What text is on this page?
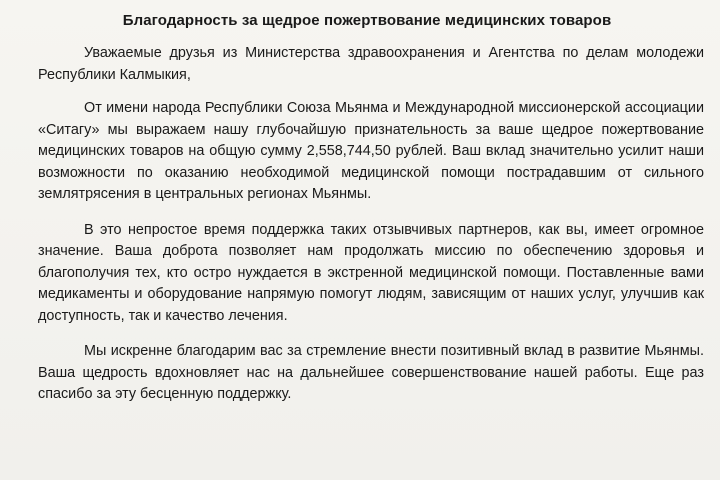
Благодарность за щедрое пожертвование медицинских товаров

Уважаемые друзья из Министерства здравоохранения и Агентства по делам молодежи Республики Калмыкия,

От имени народа Республики Союза Мьянма и Международной миссионерской ассоциации «Ситагу» мы выражаем нашу глубочайшую признательность за ваше щедрое пожертвование медицинских товаров на общую сумму 2,558,744,50 рублей. Ваш вклад значительно усилит наши возможности по оказанию необходимой медицинской помощи пострадавшим от сильного землятрясения в центральных регионах Мьянмы.

В это непростое время поддержка таких отзывчивых партнеров, как вы, имеет огромное значение. Ваша доброта позволяет нам продолжать миссию по обеспечению здоровья и благополучия тех, кто остро нуждается в экстренной медицинской помощи. Поставленные вами медикаменты и оборудование напрямую помогут людям, зависящим от наших услуг, улучшив как доступность, так и качество лечения.

Мы искренне благодарим вас за стремление внести позитивный вклад в развитие Мьянмы. Ваша щедрость вдохновляет нас на дальнейшее совершенствование нашей работы. Еще раз спасибо за эту бесценную поддержку.
